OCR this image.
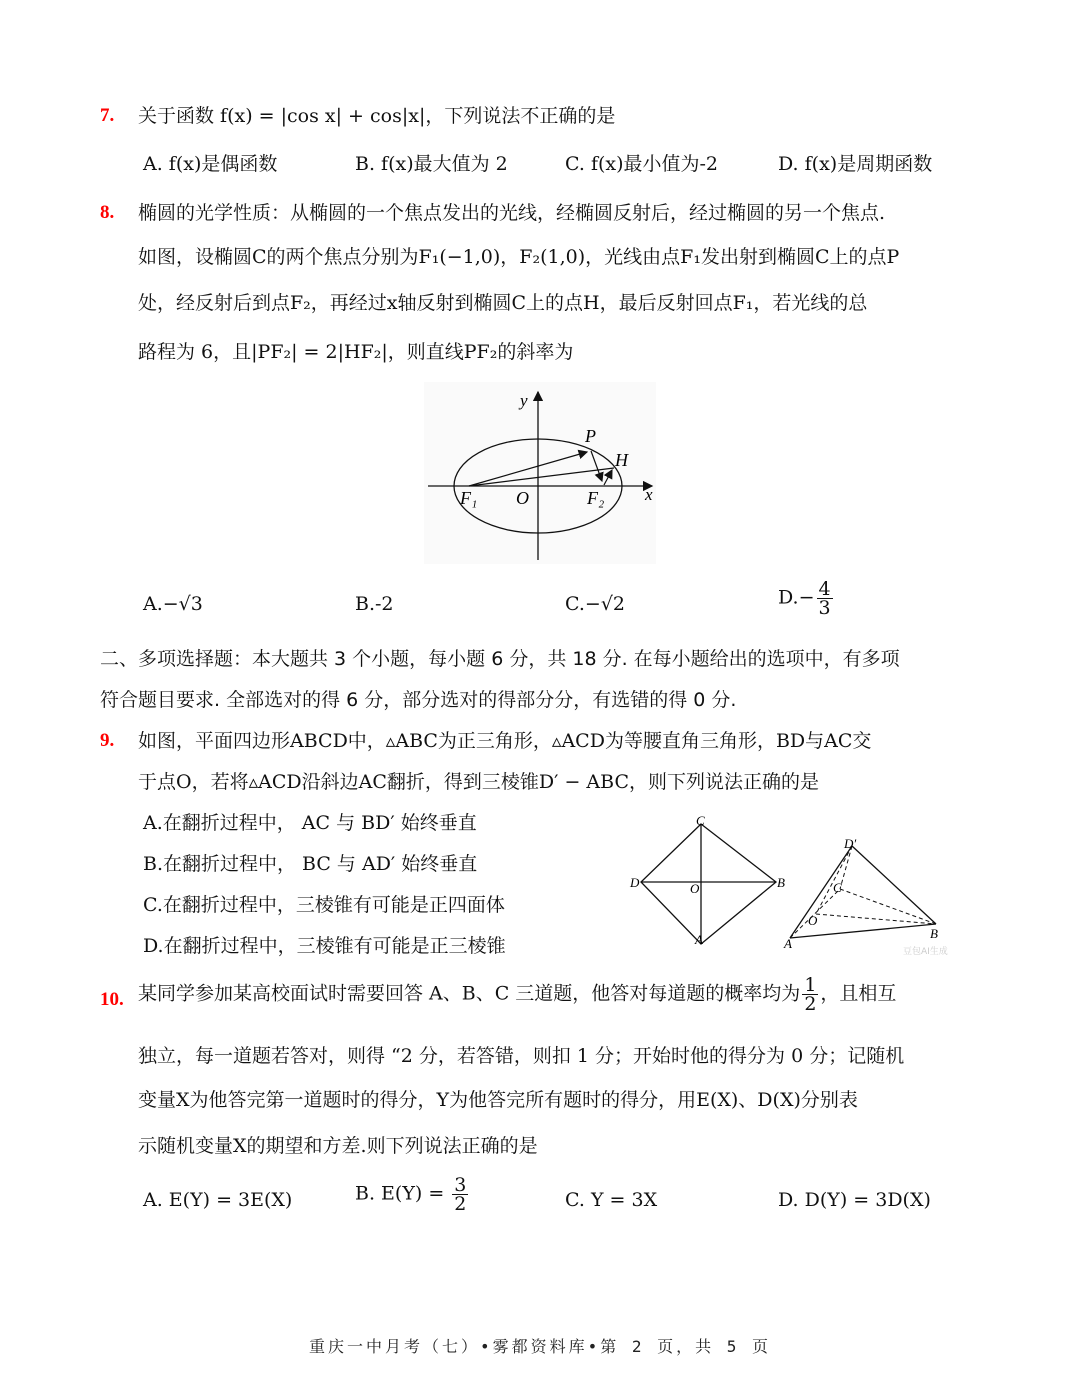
7. 关于函数 f(x) = |cos x| + cos|x|，下列说法不正确的是
A. f(x)是偶函数	B. f(x)最大值为 2	C. f(x)最小值为-2	D. f(x)是周期函数
8. 椭圆的光学性质：从椭圆的一个焦点发出的光线，经椭圆反射后，经过椭圆的另一个焦点.
如图，设椭圆C的两个焦点分别为F₁(−1,0)，F₂(1,0)，光线由点F₁发出射到椭圆C上的点P
处，经反射后到点F₂，再经过x轴反射到椭圆C上的点H，最后反射回点F₁，若光线的总
路程为 6，且|PF₂| = 2|HF₂|，则直线PF₂的斜率为
y
x
O
F₁	F₂
P
H
A.−√3	B.-2	C.−√2	$D.- \frac{4}{3}$
二、多项选择题：本大题共 3 个小题，每小题 6 分，共 18 分. 在每小题给出的选项中，有多项
符合题目要求. 全部选对的得 6 分，部分选对的得部分分，有选错的得 0 分.
9. 如图，平面四边形ABCD中，▵ABC为正三角形，▵ACD为等腰直角三角形，BD与AC交
于点O，若将▵ACD沿斜边AC翻折，得到三棱锥D′ − ABC，则下列说法正确的是
A.在翻折过程中， AC 与 BD′ 始终垂直
B.在翻折过程中， BC 与 AD′ 始终垂直
C.在翻折过程中，三棱锥有可能是正四面体
D.在翻折过程中，三棱锥有可能是正三棱锥
C
D	B
O
A
D′
C
O
A
B
豆包AI生成
10. 某同学参加某高校面试时需要回答 A、B、C 三道题，他答对每道题的概率均为 $\frac{1}{2}$ ，且相互
独立，每一道题若答对，则得 “2 分，若答错，则扣 1 分；开始时他的得分为 0 分；记随机
变量X为他答完第一道题时的得分，Y为他答完所有题时的得分，用E(X)、D(X)分别表
示随机变量X的期望和方差.则下列说法正确的是
A. E(Y) = 3E(X)	B. $E(Y) = \frac{3}{2}$	C. Y = 3X	D. D(Y) = 3D(X)
重庆一中月考（七）•雾都资料库•第 2 页，共 5 页
